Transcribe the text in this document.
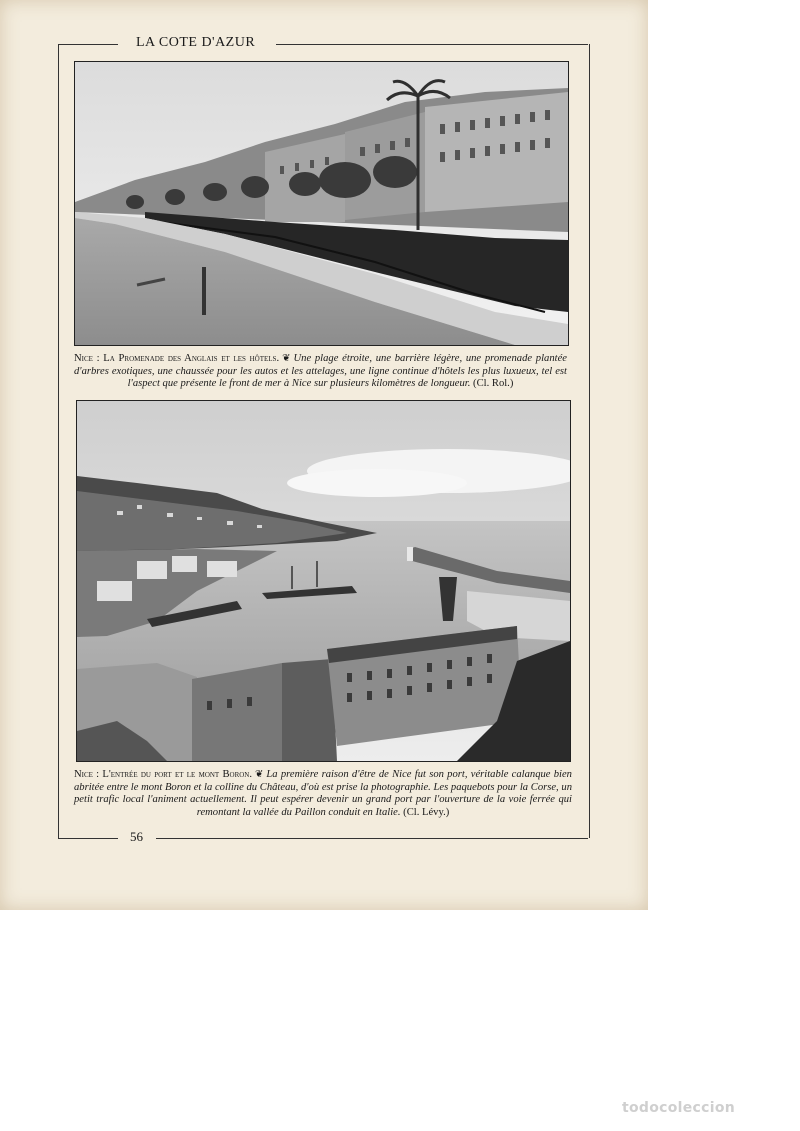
LA COTE D'AZUR
56
Nice : La Promenade des Anglais et les hôtels. ❦ Une plage étroite, une barrière légère, une promenade plantée d'arbres exotiques, une chaussée pour les autos et les attelages, une ligne continue d'hôtels les plus luxueux, tel est l'aspect que présente le front de mer à Nice sur plusieurs kilomètres de longueur. (Cl. Rol.)
Nice : L'entrée du port et le mont Boron. ❦ La première raison d'être de Nice fut son port, véritable calanque bien abritée entre le mont Boron et la colline du Château, d'où est prise la photographie. Les paquebots pour la Corse, un petit trafic local l'animent actuellement. Il peut espérer devenir un grand port par l'ouverture de la voie ferrée qui remontant la vallée du Paillon conduit en Italie. (Cl. Lévy.)
todocoleccion
